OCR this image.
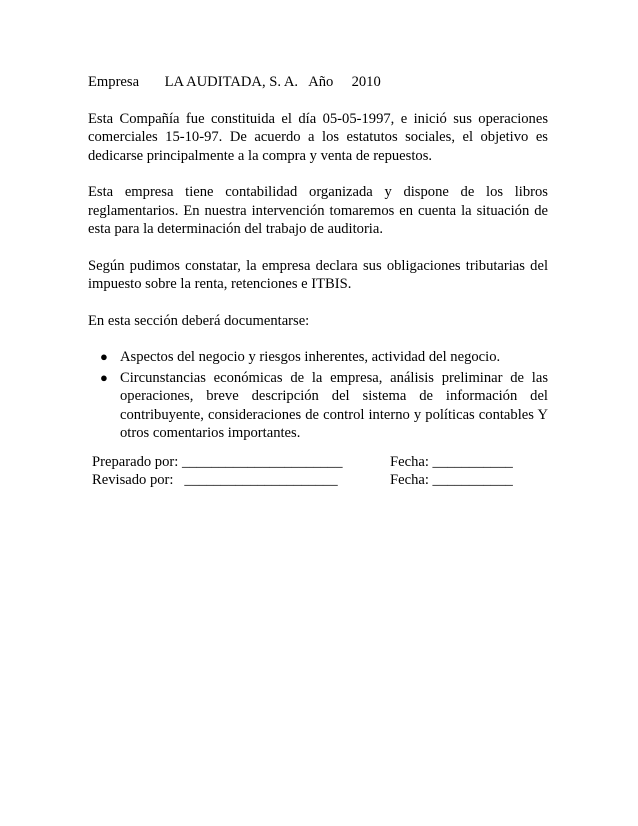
Empresa LA AUDITADA, S. A. Año 2010

Esta Compañía fue constituida el día 05-05-1997, e inició sus operaciones comerciales 15-10-97. De acuerdo a los estatutos sociales, el objetivo es dedicarse principalmente a la compra y venta de repuestos.

Esta empresa tiene contabilidad organizada y dispone de los libros reglamentarios. En nuestra intervención tomaremos en cuenta la situación de esta para la determinación del trabajo de auditoria.

Según pudimos constatar, la empresa declara sus obligaciones tributarias del impuesto sobre la renta, retenciones e ITBIS.

En esta sección deberá documentarse:

● Aspectos del negocio y riesgos inherentes, actividad del negocio.
● Circunstancias económicas de la empresa, análisis preliminar de las operaciones, breve descripción del sistema de información del contribuyente, consideraciones de control interno y políticas contables Y otros comentarios importantes.
Preparado por: ______________________	Fecha: ___________
Revisado por:   _____________________	Fecha: ___________
